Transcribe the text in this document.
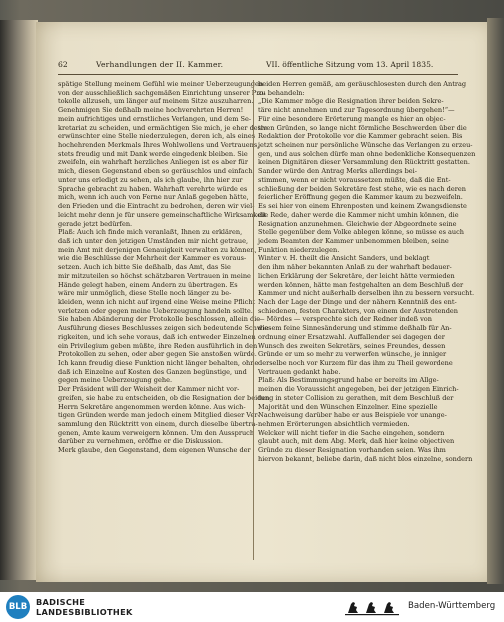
62	Verhandlungen der II. Kammer.	VII. öffentliche Sitzung vom 13. April 1835.
spätige Stellung meinem Gefühl wie meiner Ueberzeugungen
von der ausschließlich sachgemäßen Einrichtung unserer Pro-
tokolle allzuseh, um länger auf meinem Sitze auszuharren.
Genehmigen Sie deßhalb meine hochverehrten Herren!
mein aufrichtiges und ernstliches Verlangen, und dem Se-
kretariat zu scheiden, und ermächtigen Sie mich, je eher desto
erwünschter eine Stelle niederzulegen, deren ich, als eines
hochehrenden Merkmals Ihres Wohlwollens und Vertrauens,
stets freudig und mit Dank werde eingedenk bleiben. Sie
zweifeln, ein wahrhaft herzliches Anliegen ist es aber für
mich, diesen Gegenstand eben so geräuschlos und einfach
unter uns erledigt zu sehen, als ich glaube, ihn hier zur
Sprache gebracht zu haben. Wahrhaft verehrte würde es
mich, wenn ich auch von Ferne nur Anlaß gegeben hätte,
den Frieden und die Eintracht zu bedrohen, deren wir viel-
leicht mehr denn je für unsere gemeinschaftliche Wirksamkeit
gerade jetzt bedürfen.
Plaß: Auch ich finde mich veranlaßt, Ihnen zu erklären,
daß ich unter den jetzigen Umständen mir nicht getraue,
mein Amt mit derjenigen Genauigkeit verwalten zu können,
wie die Beschlüsse der Mehrheit der Kammer es voraus-
setzen. Auch ich bitte Sie deßhalb, das Amt, das Sie
mir mitzuteilen so höchst schätzbaren Vertrauen in meine
Hände gelegt haben, einem Andern zu übertragen. Es
wäre mir unmöglich, diese Stelle noch länger zu be-
kleiden, wenn ich nicht auf irgend eine Weise meine Pflicht
verletzen oder gegen meine Ueberzeugung handeln sollte.
Sie haben Abänderung der Protokolle beschlossen, allein die
Ausführung dieses Beschlusses zeigen sich bedeutende Schwie-
rigkeiten, und ich sehe voraus, daß ich entweder Einzelnen
ein Privilegium geben müßte, ihre Reden ausführlich in den
Protokollen zu sehen, oder aber gegen Sie anstoßen würde.
Ich kann freudig diese Funktion nicht länger behalten, ohne
daß ich Einzelne auf Kosten des Ganzen begünstige, und
gegen meine Ueberzeugung gehe.
Der Präsident will der Weisheit der Kammer nicht vor-
greifen, sie habe zu entscheiden, ob die Resignation der beiden
Herrn Sekretäre angenommen werden könne. Aus wich-
tigen Gründen werde man jedoch einem Mitglied dieser Ver-
sammlung den Rücktritt von einem, durch dieselbe übertra-
genen, Amte kaum verweigern können. Um den Ausspruch
darüber zu vernehmen, eröffne er die Diskussion.
Merk glaube, den Gegenstand, dem eigenen Wunsche der
beiden Herren gemäß, am geräuschlosesten durch den Antrag
zu behandeln:
„Die Kammer möge die Resignation ihrer beiden Sekre-
täre nicht annehmen und zur Tagesordnung übergehen!“—
Für eine besondere Erörterung mangle es hier an objec-
tiven Gründen, so lange nicht förmliche Beschwerden über die
Redaktion der Protokolle vor die Kammer gebracht seien. Bis
jetzt scheinen nur persönliche Wünsche das Verlangen zu erzeu-
gen, und aus solchen dürfe man ohne bedenkliche Konsequenzen
keinen Dignitären dieser Versammlung den Rücktritt gestatten.
Sander würde den Antrag Merks allerdings bei-
stimmen, wenn er nicht voraussetzen müßte, daß die Ent-
schließung der beiden Sekretäre fest stehe, wie es nach deren
feierlicher Eröffnung gegen die Kammer kaum zu bezweifeln.
Es sei hier von einem Ehrenposten und keinem Zwangsdienste
die Rede, daher werde die Kammer nicht umhin können, die
Resignation anzunehmen. Gleichwie der Abgeordnete seine
Stelle gegenüber dem Volke ablegen könne, so müsse es auch
jedem Beamten der Kammer unbenommen bleiben, seine
Funktion niederzulegen.
Winter v. H. theilt die Ansicht Sanders, und beklagt
den ihm näher bekannten Anlaß zu der wahrhaft bedauer-
lichen Erklärung der Sekretäre, der leicht hätte vermieden
werden können, hätte man festgehalten an dem Beschluß der
Kammer und nicht außerhalb derselben ihn zu bessern versucht.
Nach der Lage der Dinge und der nähern Kenntniß des ent-
schiedenen, festen Charakters, von einem der Austretenden
— Mördes — versprechte sich der Redner indeß von
diesem feine Sinnesänderung und stimme deßhalb für An-
ordnung einer Ersatzwahl. Auffallender sei dagegen der
Wunsch des zweiten Sekretärs, seines Freundes, dessen
Gründe er um so mehr zu verwerfen wünsche, je inniger
derselbe noch vor Kurzem für das ihm zu Theil gewordene
Vertrauen gedankt habe.
Plaß: Als Bestimmungsgrund habe er bereits im Allge-
meinen die Voraussicht angegeben, bei der jetzigen Einrich-
tung in steter Collision zu gerathen, mit dem Beschluß der
Majorität und den Wünschen Einzelner. Eine spezielle
Nachweisung darüber habe er aus Beispiele vor unange-
nehmen Erörterungen absichtlich vermieden.
Welcker will nicht tiefer in die Sache eingehen, sondern
glaubt auch, mit dem Abg. Merk, daß hier keine objectiven
Gründe zu dieser Resignation vorhanden seien. Was ihm
hiervon bekannt, beliebe darin, daß nicht blos einzelne, sondern
BLB BADISCHE
LANDESBIBLIOTHEK
Baden-Württemberg
